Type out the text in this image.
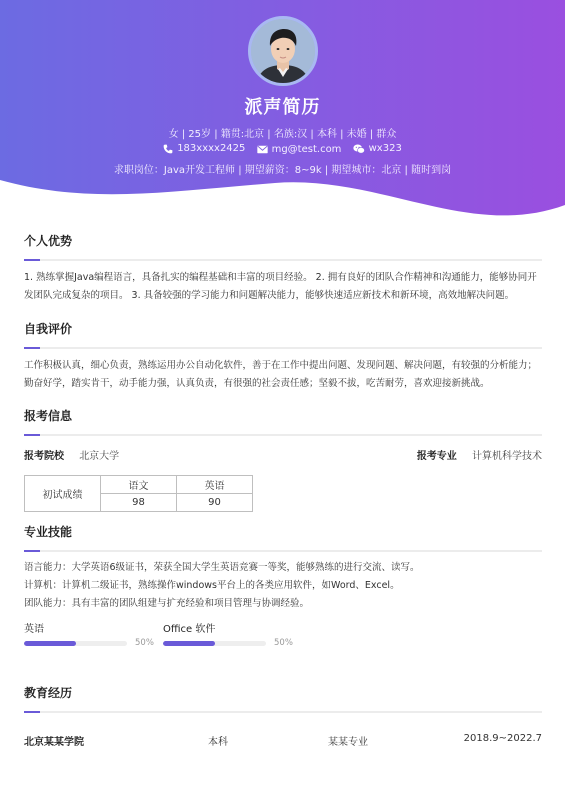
派声简历
女 | 25岁 | 籍贯:北京 | 名族:汉 | 本科 | 未婚 | 群众
183xxxx2425
	mg@test.com
	wx323
求职岗位：Java开发工程师 | 期望薪资：8~9k | 期望城市：北京 | 随时到岗
个人优势
1. 熟练掌握Java编程语言，具备扎实的编程基础和丰富的项目经验。 2. 拥有良好的团队合作精神和沟通能力，能够协同开发团队完成复杂的项目。 3. 具备较强的学习能力和问题解决能力，能够快速适应新技术和新环境，高效地解决问题。
自我评价
工作积极认真，细心负责，熟练运用办公自动化软件，善于在工作中提出问题、发现问题、解决问题，有较强的分析能力；勤奋好学，踏实肯干，动手能力强，认真负责，有很强的社会责任感；坚毅不拔，吃苦耐劳，喜欢迎接新挑战。
报考信息
报考院校 北京大学	报考专业 计算机科学技术
初试成绩	语文	英语
	98	90
专业技能
语言能力：大学英语6级证书，荣获全国大学生英语竞赛一等奖，能够熟练的进行交流、读写。
计算机：计算机二级证书，熟练操作windows平台上的各类应用软件，如Word、Excel。
团队能力：具有丰富的团队组建与扩充经验和项目管理与协调经验。
英语
50%
Office 软件
50%
教育经历
北京某某学院	本科	某某专业	2018.9~2022.7
